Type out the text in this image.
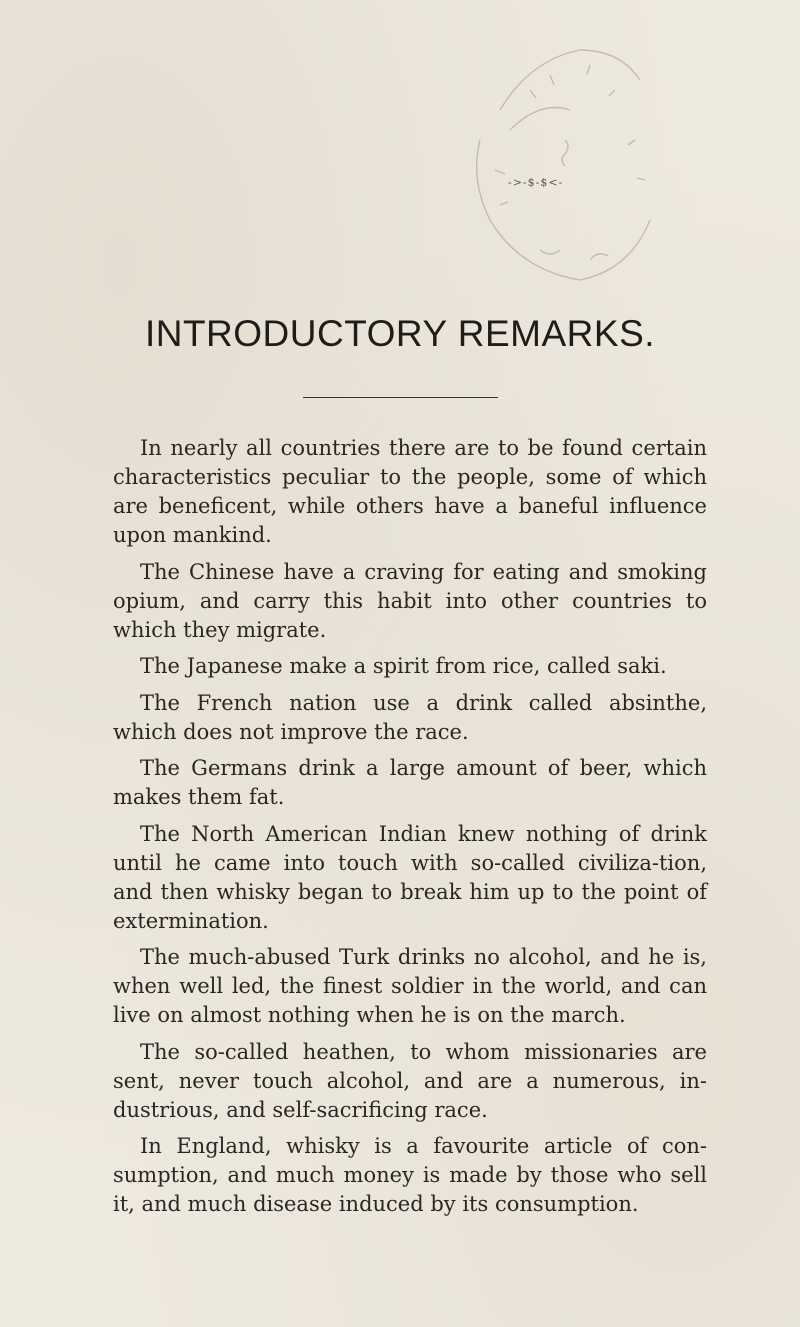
->-$-$<-
INTRODUCTORY REMARKS.

In nearly all countries there are to be found certain characteristics peculiar to the people, some of which are beneficent, while others have a baneful influence upon mankind.

The Chinese have a craving for eating and smoking opium, and carry this habit into other countries to which they migrate.

The Japanese make a spirit from rice, called saki.

The French nation use a drink called absinthe, which does not improve the race.

The Germans drink a large amount of beer, which makes them fat.

The North American Indian knew nothing of drink until he came into touch with so-called civiliza-tion, and then whisky began to break him up to the point of extermination.

The much-abused Turk drinks no alcohol, and he is, when well led, the finest soldier in the world, and can live on almost nothing when he is on the march.

The so-called heathen, to whom missionaries are sent, never touch alcohol, and are a numerous, in-dustrious, and self-sacrificing race.

In England, whisky is a favourite article of con-sumption, and much money is made by those who sell it, and much disease induced by its consumption.
